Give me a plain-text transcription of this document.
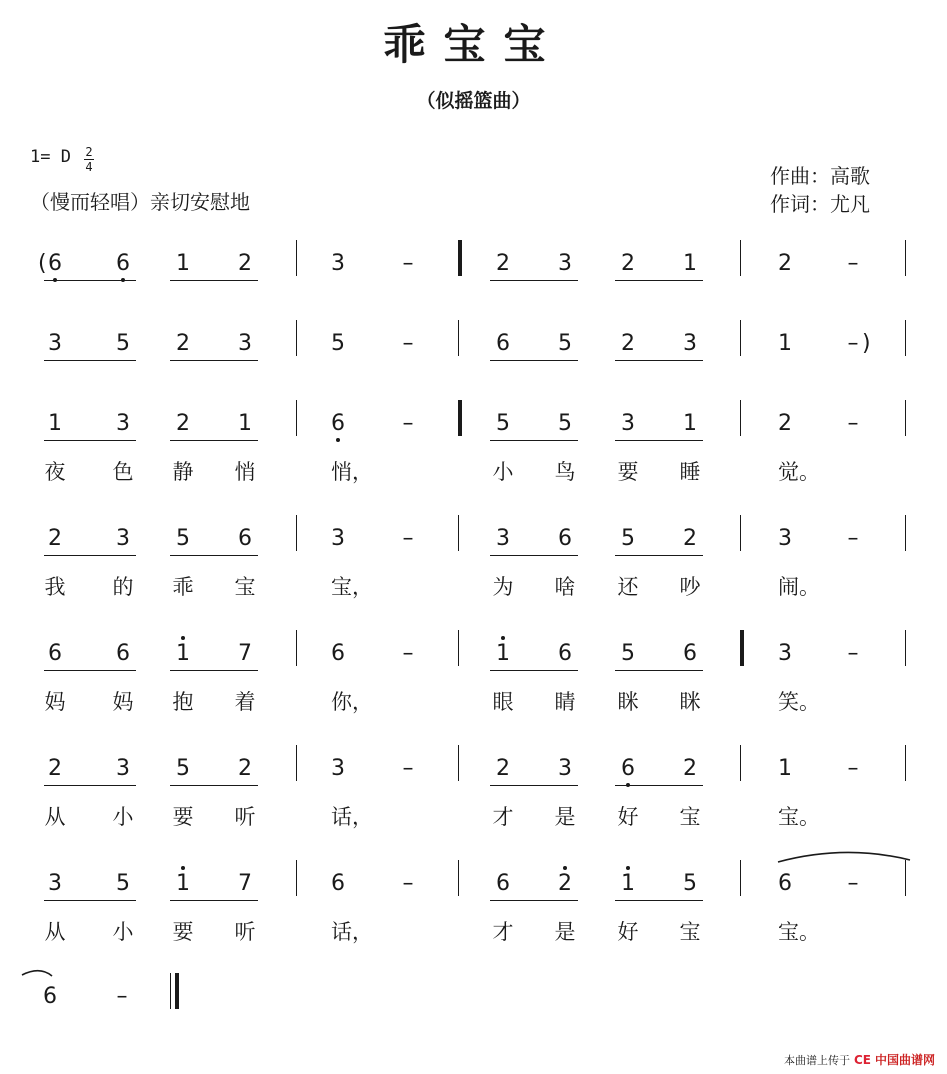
乖宝宝
（似摇篮曲）
1= D 2
4
（慢而轻唱）亲切安慰地
作曲：高歌
作词：尤凡
6 6 1 2	3	2 3 2 1	2
–	–
(
3 5 2 3	5	6 5 2 3	1
–	– )
1 3 2 1	6	5 5 3 1	2
–	–
夜 色 静 悄	悄，	小 鸟 要 睡	觉。
2 3 5 6	3	3 6 5 2	3
–	–
我 的 乖 宝	宝，	为 啥 还 吵	闹。
6 6 1 7	6	1 6 5 6	3
–	–
妈 妈 抱 着	你，	眼 睛 眯 眯	笑。
2 3 5 2	3	2 3 6 2	1
–	–
从 小 要 听	话，	才 是 好 宝	宝。
3 5 1 7	6	6 2 1 5	6
–	–
从 小 要 听	话，	才 是 好 宝	宝。
6	–
本曲谱上传于 CE 中国曲谱网
